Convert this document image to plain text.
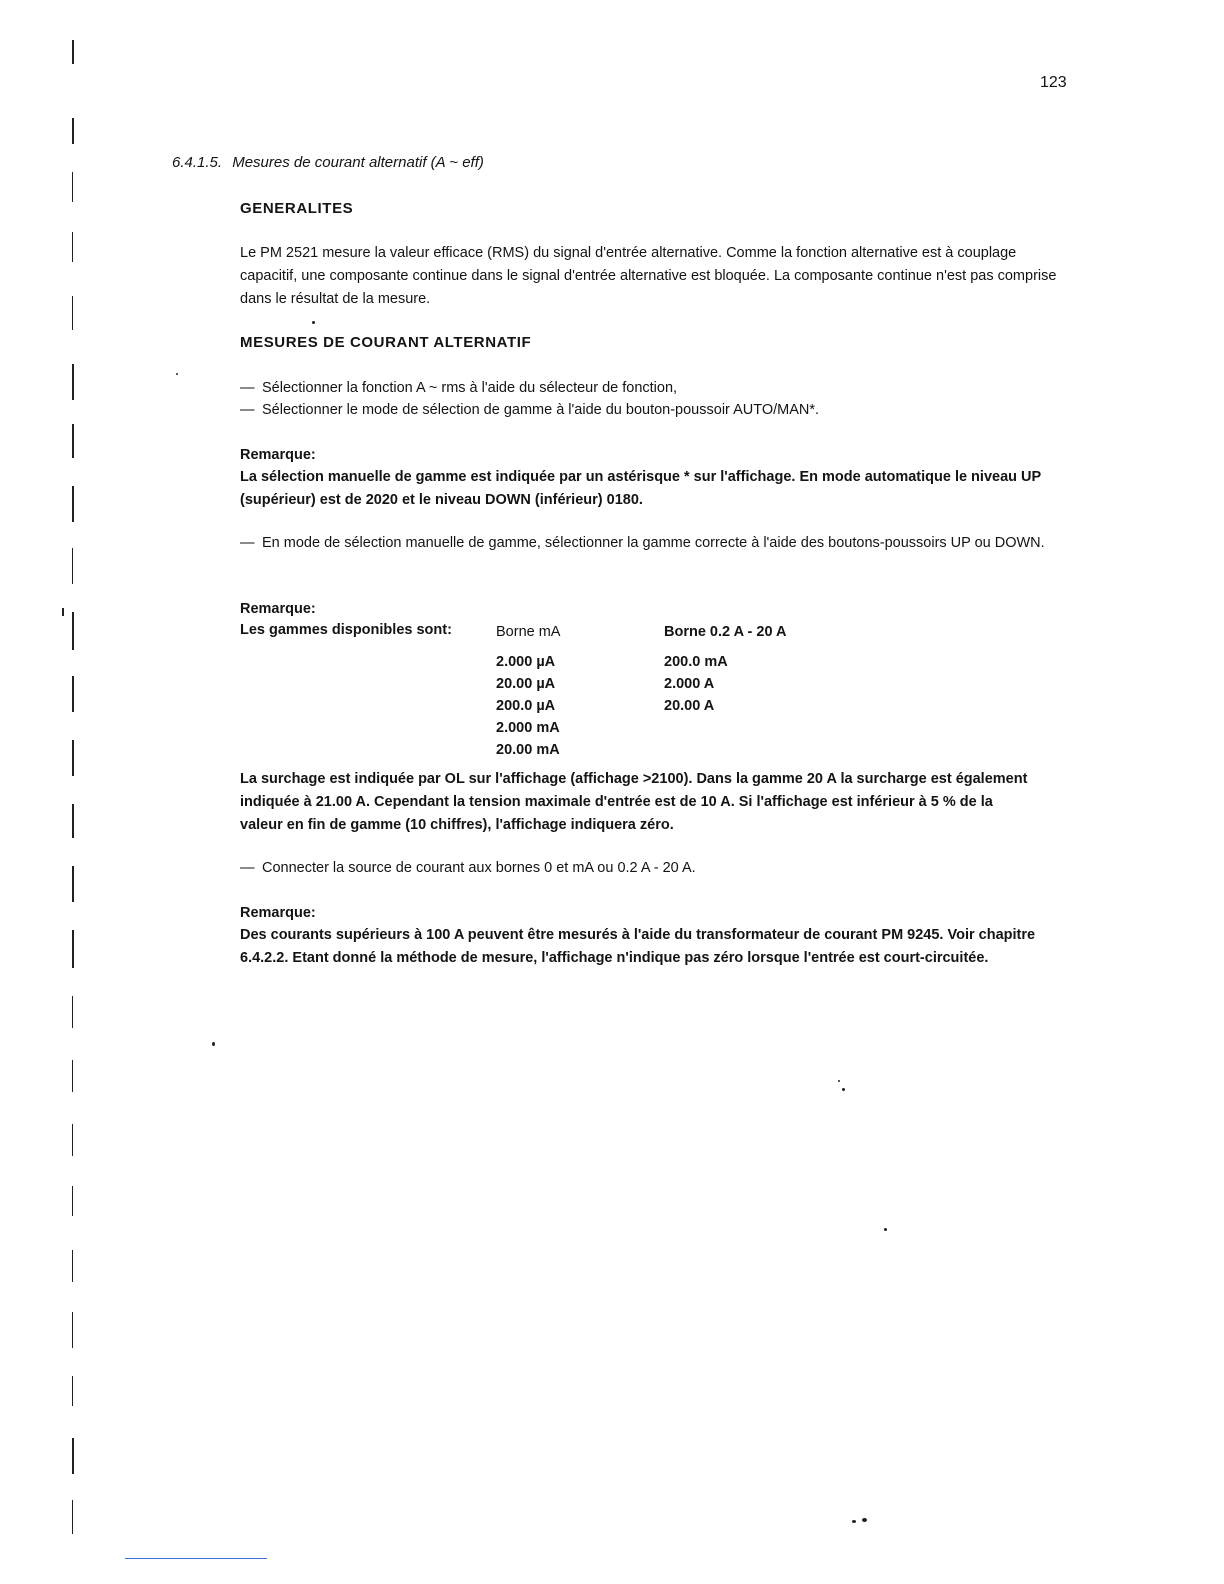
123
6.4.1.5. Mesures de courant alternatif (A ~ eff)
GENERALITES
Le PM 2521 mesure la valeur efficace (RMS) du signal d'entrée alternative. Comme la fonction alternative est à couplage capacitif, une composante continue dans le signal d'entrée alternative est bloquée. La composante continue n'est pas comprise dans le résultat de la mesure.
MESURES DE COURANT ALTERNATIF
— Sélectionner la fonction A ~ rms à l'aide du sélecteur de fonction,
— Sélectionner le mode de sélection de gamme à l'aide du bouton-poussoir AUTO/MAN*.
Remarque:
La sélection manuelle de gamme est indiquée par un astérisque * sur l'affichage. En mode automatique le niveau UP (supérieur) est de 2020 et le niveau DOWN (inférieur) 0180.
— En mode de sélection manuelle de gamme, sélectionner la gamme correcte à l'aide des boutons-poussoirs UP ou DOWN.
Remarque:
Les gammes disponibles sont:	Borne mA
2.000 µA
20.00 µA
200.0 µA
2.000 mA
20.00 mA
Borne 0.2 A - 20 A
200.0 mA
2.000 A
20.00 A
La surchage est indiquée par OL sur l'affichage (affichage >2100). Dans la gamme 20 A la surcharge est également indiquée à 21.00 A. Cependant la tension maximale d'entrée est de 10 A. Si l'affichage est inférieur à 5 % de la valeur en fin de gamme (10 chiffres), l'affichage indiquera zéro.
— Connecter la source de courant aux bornes 0 et mA ou 0.2 A - 20 A.
Remarque:
Des courants supérieurs à 100 A peuvent être mesurés à l'aide du transformateur de courant PM 9245. Voir chapitre 6.4.2.2. Etant donné la méthode de mesure, l'affichage n'indique pas zéro lorsque l'entrée est court-circuitée.
